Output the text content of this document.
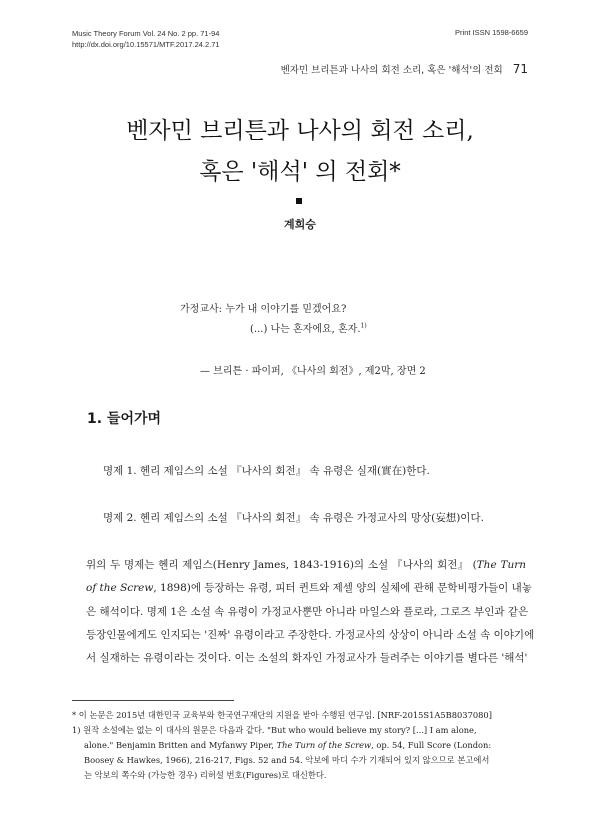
Music Theory Forum Vol. 24 No. 2 pp. 71-94
http://dx.doi.org/10.15571/MTF.2017.24.2.71
Print ISSN 1598-6659
벤자민 브리튼과 나사의 회전 소리, 혹은 '해석'의 전회 71
벤자민 브리튼과 나사의 회전 소리,
혹은 '해석' 의 전회*
계희승
가정교사: 누가 내 이야기를 믿겠어요?
(...) 나는 혼자에요, 혼자.$^{1)}$
— 브리튼 · 파이퍼, 《나사의 회전》, 제2막, 장면 2
1. 들어가며
명제 1. 헨리 제임스의 소설 『나사의 회전』 속 유령은 실재(實在)한다.
명제 2. 헨리 제임스의 소설 『나사의 회전』 속 유령은 가정교사의 망상(妄想)이다.
위의 두 명제는 헨리 제임스(Henry James, 1843-1916)의 소설 『나사의 회전』 (The Turn
of the Screw, 1898)에 등장하는 유령, 피터 퀸트와 제셀 양의 실체에 관해 문학비평가들이 내놓
은 해석이다. 명제 1은 소설 속 유령이 가정교사뿐만 아니라 마일스와 플로라, 그로즈 부인과 같은
등장인물에게도 인지되는 '진짜' 유령이라고 주장한다. 가정교사의 상상이 아니라 소설 속 이야기에
서 실재하는 유령이라는 것이다. 이는 소설의 화자인 가정교사가 들려주는 이야기를 별다른 '해석'
* 이 논문은 2015년 대한민국 교육부와 한국연구재단의 지원을 받아 수행된 연구임. [NRF-2015S1A5B8037080]
1) 원작 소설에는 없는 이 대사의 원문은 다음과 같다. "But who would believe my story? [...] I am alone,
alone." Benjamin Britten and Myfanwy Piper, The Turn of the Screw, op. 54, Full Score (London:
Boosey & Hawkes, 1966), 216-217, Figs. 52 and 54. 악보에 마디 수가 기재되어 있지 않으므로 본고에서
는 악보의 쪽수와 (가능한 경우) 리허설 번호(Figures)로 대신한다.
